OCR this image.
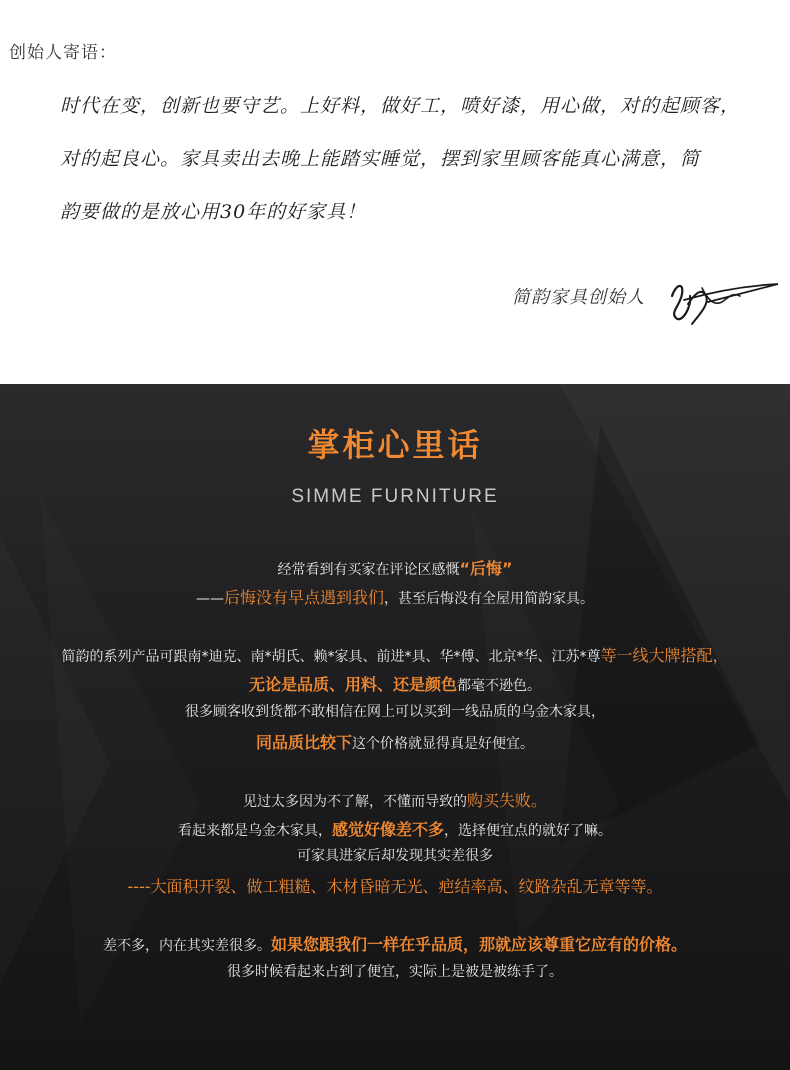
创始人寄语：
时代在变，创新也要守艺。上好料，做好工，喷好漆，用心做，对的起顾客，
对的起良心。家具卖出去晚上能踏实睡觉，摆到家里顾客能真心满意，简
韵要做的是放心用30年的好家具！
简韵家具创始人
掌柜心里话
SIMME FURNITURE
经常看到有买家在评论区感慨“后悔”
——后悔没有早点遇到我们，甚至后悔没有全屋用简韵家具。
简韵的系列产品可跟南*迪克、南*胡氏、赖*家具、前进*具、华*傅、北京*华、江苏*尊等一线大牌搭配，
无论是品质、用料、还是颜色都毫不逊色。
很多顾客收到货都不敢相信在网上可以买到一线品质的乌金木家具，
同品质比较下这个价格就显得真是好便宜。
见过太多因为不了解，不懂而导致的购买失败。
看起来都是乌金木家具，感觉好像差不多，选择便宜点的就好了嘛。
可家具进家后却发现其实差很多
----大面积开裂、做工粗糙、木材昏暗无光、疤结率高、纹路杂乱无章等等。
差不多，内在其实差很多。如果您跟我们一样在乎品质，那就应该尊重它应有的价格。
很多时候看起来占到了便宜，实际上是被是被练手了。
